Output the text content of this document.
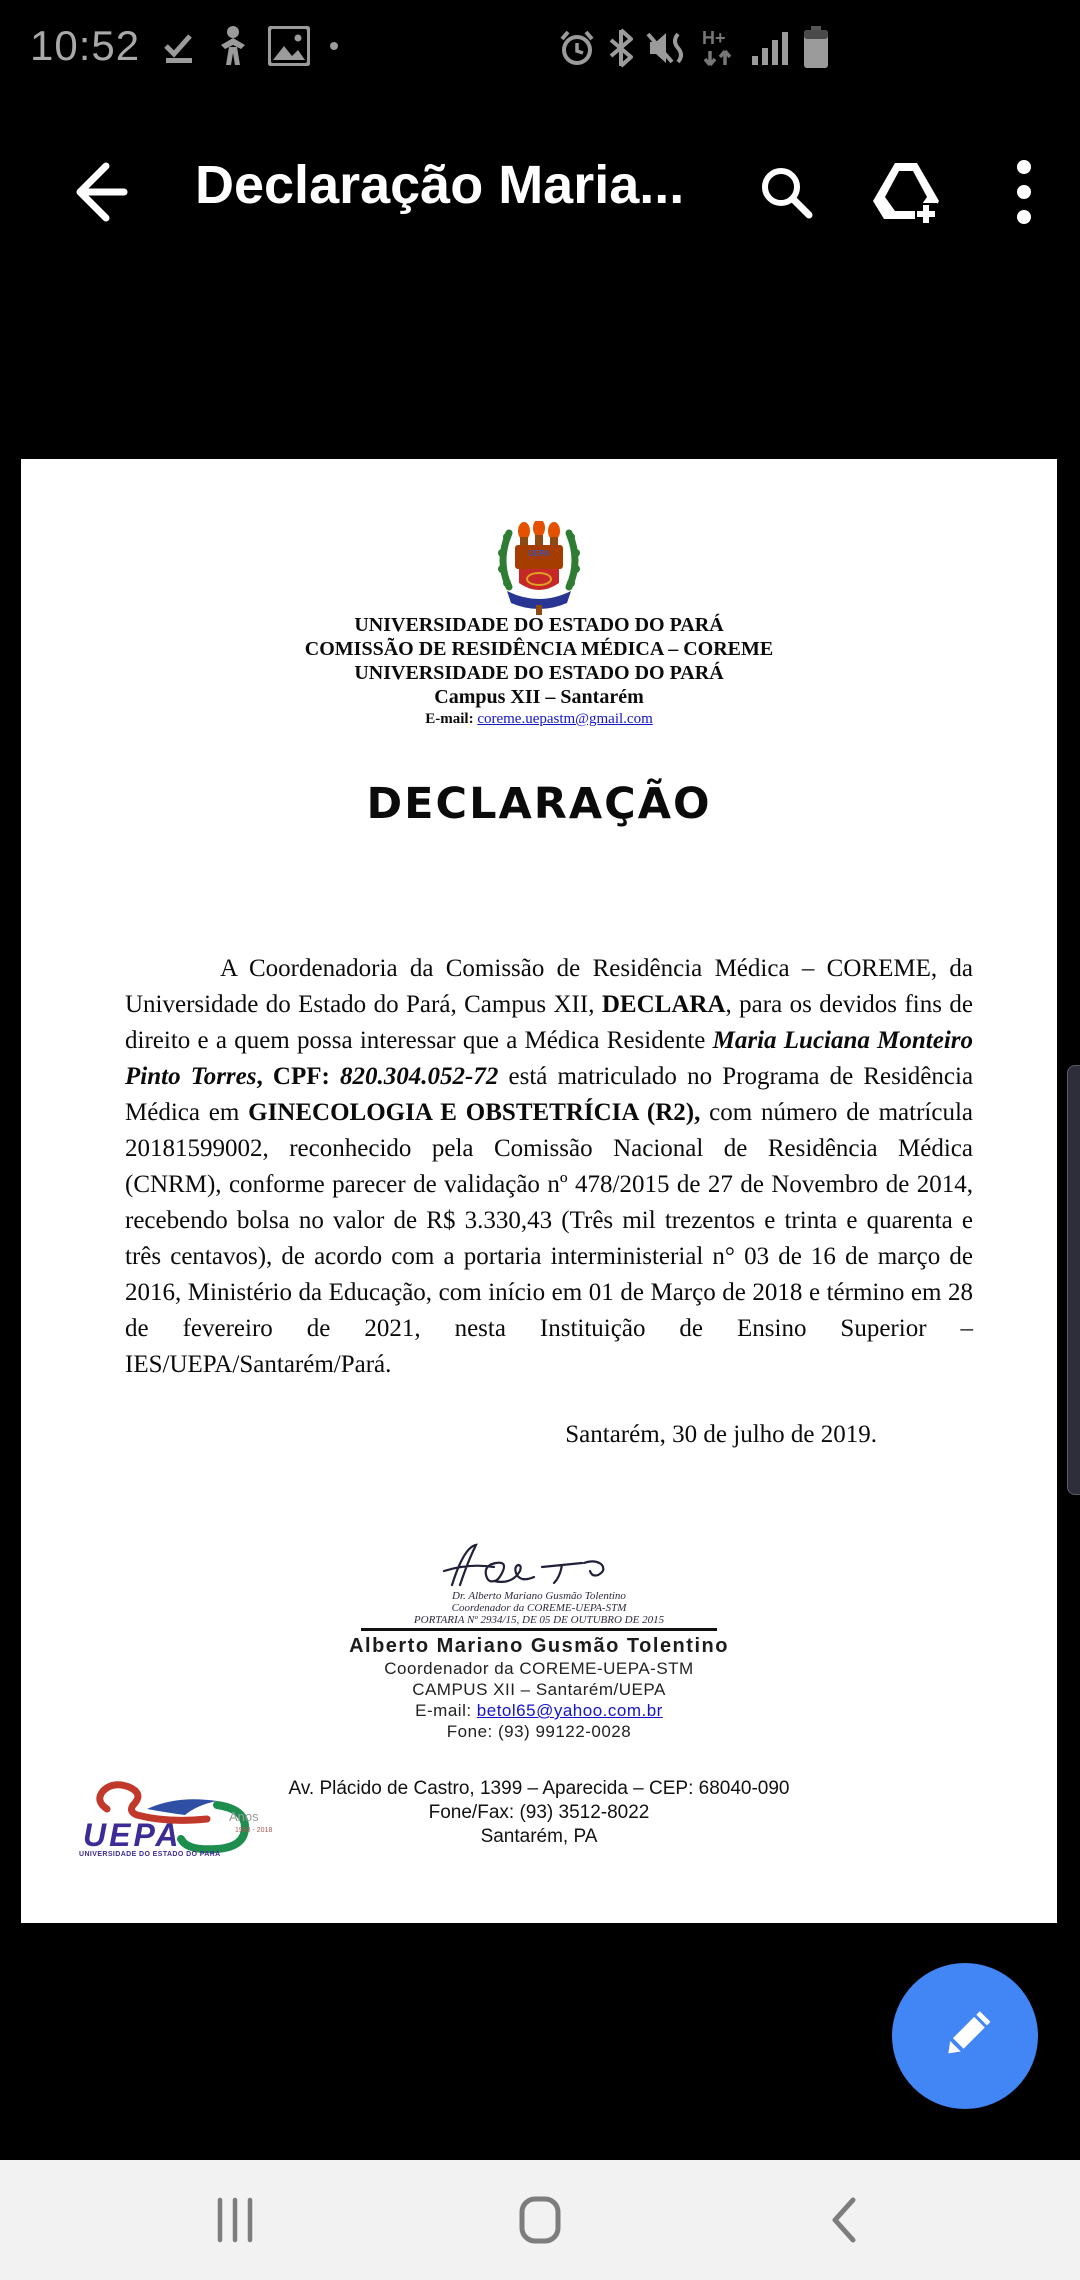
10:52	H+
Declaração Maria...
UEPA
UNIVERSIDADE DO ESTADO DO PARÁ
COMISSÃO DE RESIDÊNCIA MÉDICA – COREME
UNIVERSIDADE DO ESTADO DO PARÁ
Campus XII – Santarém
E-mail: coreme.uepastm@gmail.com
DECLARAÇÃO
A Coordenadoria da Comissão de Residência Médica – COREME, da Universidade do Estado do Pará, Campus XII, DECLARA, para os devidos fins de direito e a quem possa interessar que a Médica Residente Maria Luciana Monteiro Pinto Torres, CPF: 820.304.052-72 está matriculado no Programa de Residência Médica em GINECOLOGIA E OBSTETRÍCIA (R2), com número de matrícula 20181599002, reconhecido pela Comissão Nacional de Residência Médica (CNRM), conforme parecer de validação nº 478/2015 de 27 de Novembro de 2014, recebendo bolsa no valor de R$ 3.330,43 (Três mil trezentos e trinta e quarenta e três centavos), de acordo com a portaria interministerial n° 03 de 16 de março de 2016, Ministério da Educação, com início em 01 de Março de 2018 e término em 28 de fevereiro de 2021, nesta Instituição de Ensino Superior – IES/UEPA/Santarém/Pará.
Santarém, 30 de julho de 2019.
Dr. Alberto Mariano Gusmão Tolentino
Coordenador da COREME-UEPA-STM
PORTARIA Nº 2934/15, DE 05 DE OUTUBRO DE 2015
Alberto Mariano Gusmão Tolentino
Coordenador da COREME-UEPA-STM
CAMPUS XII – Santarém/UEPA
E-mail: betol65@yahoo.com.br
Fone: (93) 99122-0028
UEPA
UNIVERSIDADE DO ESTADO DO PARÁ
Anos
1993 - 2018
Av. Plácido de Castro, 1399 – Aparecida – CEP: 68040-090
Fone/Fax: (93) 3512-8022
Santarém, PA
